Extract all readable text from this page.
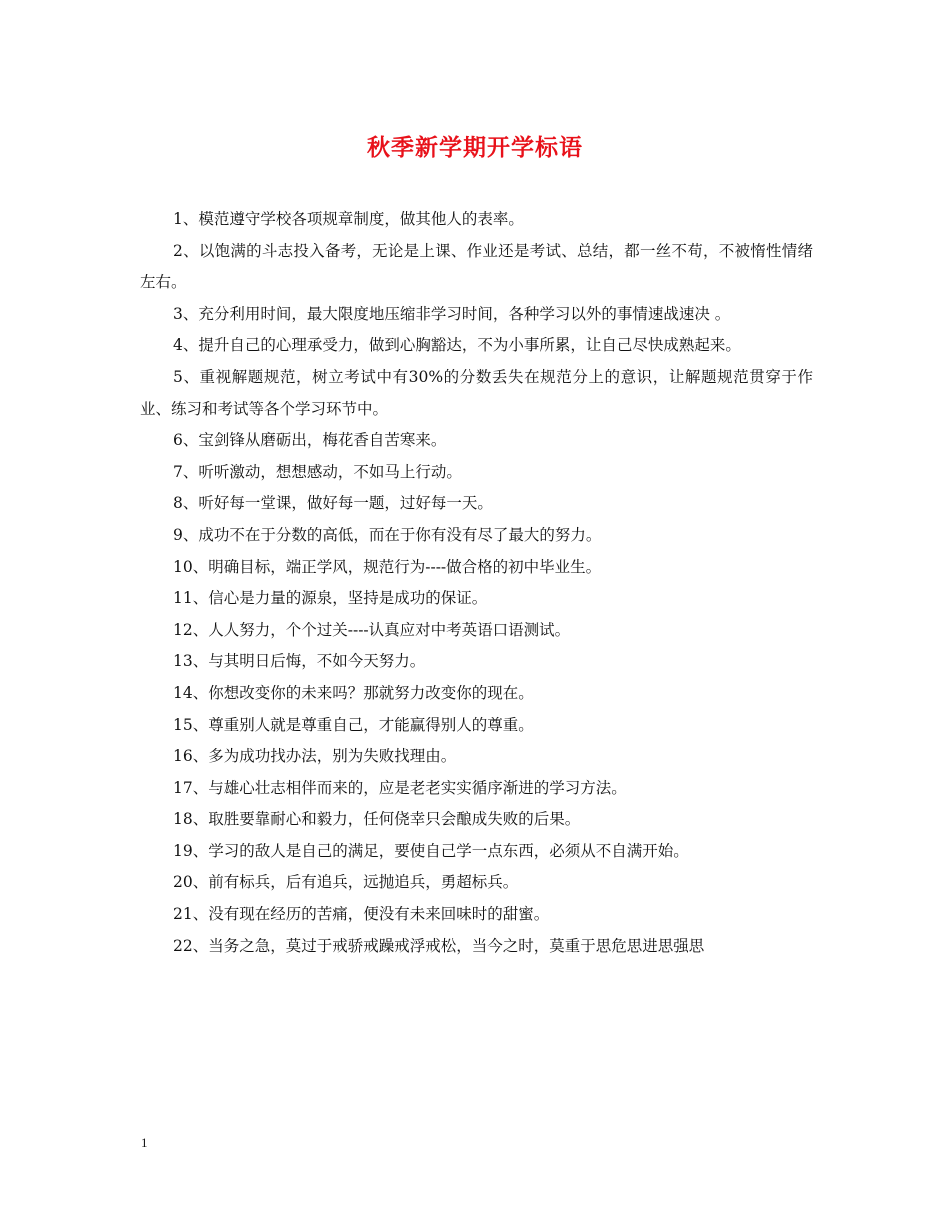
秋季新学期开学标语
1、模范遵守学校各项规章制度，做其他人的表率。
2、以饱满的斗志投入备考，无论是上课、作业还是考试、总结，都一丝不苟，不被惰性情绪左右。
3、充分利用时间，最大限度地压缩非学习时间，各种学习以外的事情速战速决 。
4、提升自己的心理承受力，做到心胸豁达，不为小事所累，让自己尽快成熟起来。
5、重视解题规范，树立考试中有30%的分数丢失在规范分上的意识，让解题规范贯穿于作业、练习和考试等各个学习环节中。
6、宝剑锋从磨砺出，梅花香自苦寒来。
7、听听激动，想想感动，不如马上行动。
8、听好每一堂课，做好每一题，过好每一天。
9、成功不在于分数的高低，而在于你有没有尽了最大的努力。
10、明确目标，端正学风，规范行为----做合格的初中毕业生。
11、信心是力量的源泉，坚持是成功的保证。
12、人人努力，个个过关----认真应对中考英语口语测试。
13、与其明日后悔，不如今天努力。
14、你想改变你的未来吗？那就努力改变你的现在。
15、尊重别人就是尊重自己，才能赢得别人的尊重。
16、多为成功找办法，别为失败找理由。
17、与雄心壮志相伴而来的，应是老老实实循序渐进的学习方法。
18、取胜要靠耐心和毅力，任何侥幸只会酿成失败的后果。
19、学习的敌人是自己的满足，要使自己学一点东西，必须从不自满开始。
20、前有标兵，后有追兵，远抛追兵，勇超标兵。
21、没有现在经历的苦痛，便没有未来回味时的甜蜜。
22、当务之急，莫过于戒骄戒躁戒浮戒松，当今之时，莫重于思危思进思强思

1
